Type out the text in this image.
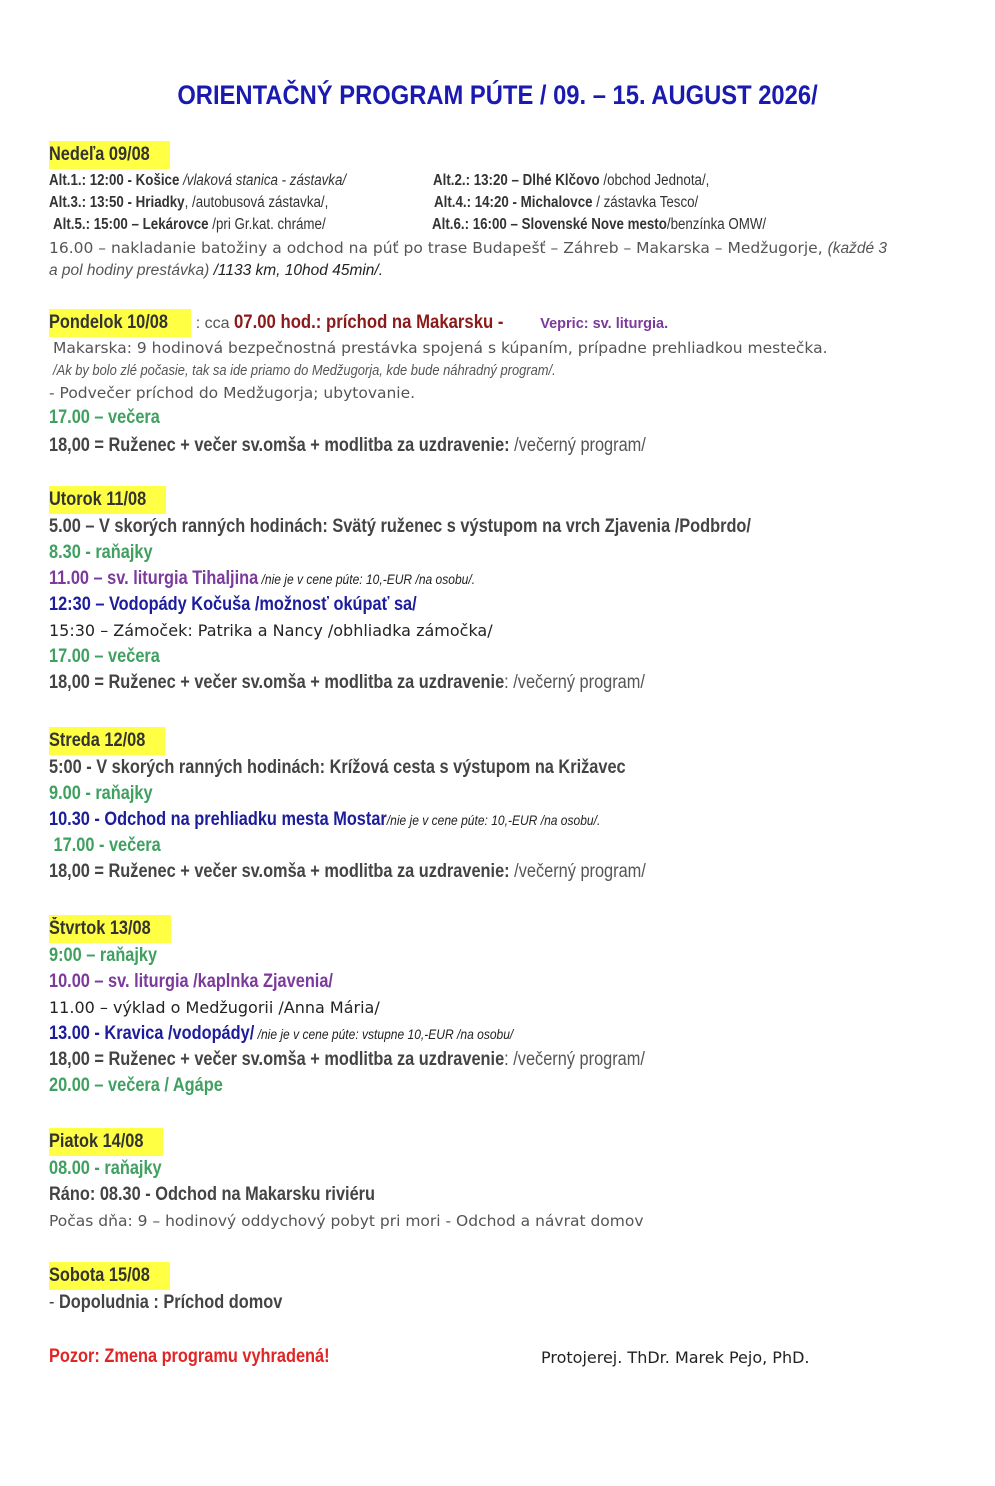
ORIENTAČNÝ PROGRAM PÚTE / 09. – 15. AUGUST 2026/
Nedeľa 09/08
Alt.1.: 12:00 - Košice /vlaková stanica - zástavka/	Alt.2.: 13:20 – Dlhé Klčovo /obchod Jednota/,
Alt.3.: 13:50 - Hriadky, /autobusová zástavka/,	Alt.4.: 14:20 - Michalovce / zástavka Tesco/
Alt.5.: 15:00 – Lekárovce /pri Gr.kat. chráme/	Alt.6.: 16:00 – Slovenské Nove mesto/benzínka OMW/
16.00 – nakladanie batožiny a odchod na púť po trase Budapešť – Záhreb – Makarska – Medžugorje, (každé 3
a pol hodiny prestávka) /1133 km, 10hod 45min/.
Pondelok 10/08 : cca 07.00 hod.: príchod na Makarsku -	Vepric: sv. liturgia.
Makarska: 9 hodinová bezpečnostná prestávka spojená s kúpaním, prípadne prehliadkou mestečka.
/Ak by bolo zlé počasie, tak sa ide priamo do Medžugorja, kde bude náhradný program/.
- Podvečer príchod do Medžugorja; ubytovanie.
17.00 – večera
18,00 = Ruženec + večer sv.omša + modlitba za uzdravenie: /večerný program/
Utorok 11/08
5.00 – V skorých ranných hodinách: Svätý ruženec s výstupom na vrch Zjavenia /Podbrdo/
8.30 - raňajky
11.00 – sv. liturgia Tihaljina /nie je v cene púte: 10,-EUR /na osobu/.
12:30 – Vodopády Kočuša /možnosť okúpať sa/
15:30 – Zámoček: Patrika a Nancy /obhliadka zámočka/
17.00 – večera
18,00 = Ruženec + večer sv.omša + modlitba za uzdravenie: /večerný program/
Streda 12/08
5:00 - V skorých ranných hodinách: Krížová cesta s výstupom na Križavec
9.00 - raňajky
10.30 - Odchod na prehliadku mesta Mostar/nie je v cene púte: 10,-EUR /na osobu/.
17.00 - večera
18,00 = Ruženec + večer sv.omša + modlitba za uzdravenie: /večerný program/
Štvrtok 13/08
9:00 – raňajky
10.00 – sv. liturgia /kaplnka Zjavenia/
11.00 – výklad o Medžugorii /Anna Mária/
13.00 - Kravica /vodopády/ /nie je v cene púte: vstupne 10,-EUR /na osobu/
18,00 = Ruženec + večer sv.omša + modlitba za uzdravenie: /večerný program/
20.00 – večera / Agápe
Piatok 14/08
08.00 - raňajky
Ráno: 08.30 - Odchod na Makarsku riviéru
Počas dňa: 9 – hodinový oddychový pobyt pri mori - Odchod a návrat domov
Sobota 15/08
- Dopoludnia : Príchod domov
Pozor: Zmena programu vyhradená!	Protojerej. ThDr. Marek Pejo, PhD.
